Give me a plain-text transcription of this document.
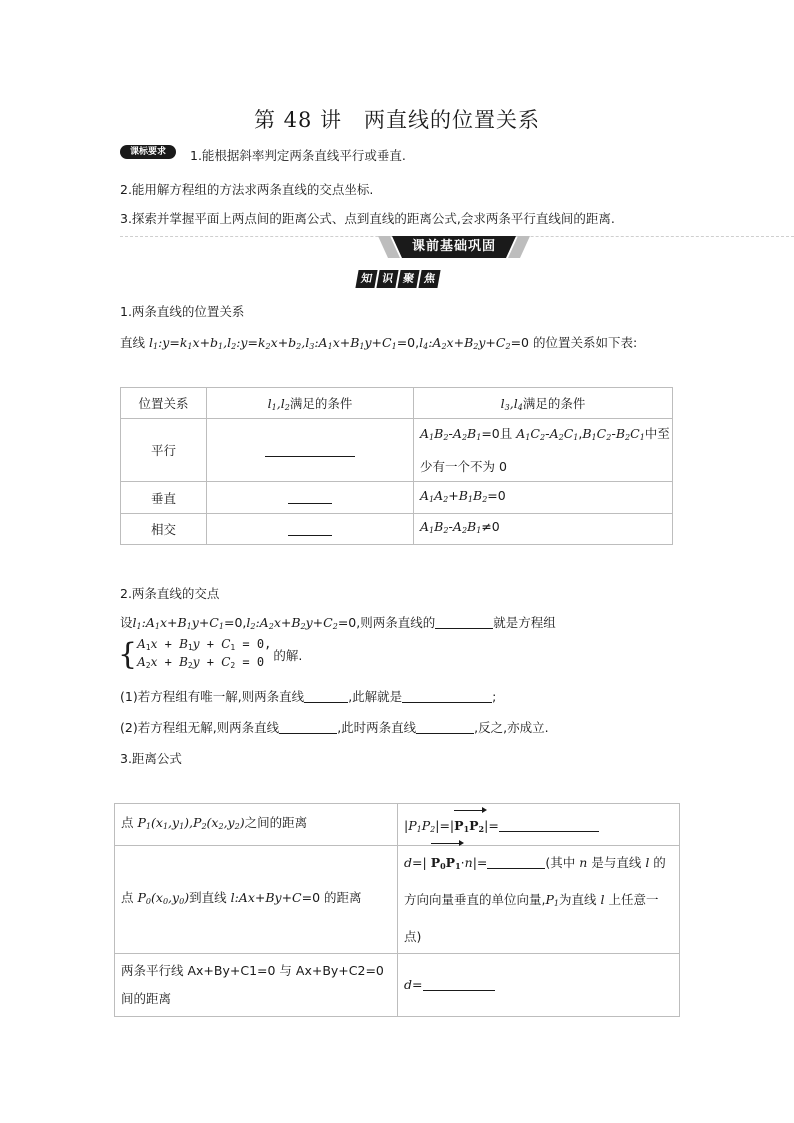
第 48 讲　两直线的位置关系
课标要求	1.能根据斜率判定两条直线平行或垂直.
2.能用解方程组的方法求两条直线的交点坐标.
3.探索并掌握平面上两点间的距离公式、点到直线的距离公式,会求两条平行直线间的距离.
课前基础巩固
知 识 聚 焦
1.两条直线的位置关系
直线 $l_1:y=k_1x+b_1,l_2:y=k_2x+b_2,l_3:A_1x+B_1y+C_1=0,l_4:A_2x+B_2y+C_2=0$ 的位置关系如下表:
位置关系	$l_1,l_2$满足的条件	$l_3,l_4$满足的条件
平行		$A_1B_2-A_2B_1=0$且 $A_1C_2-A_2C_1,B_1C_2-B_2C_1$中至少有一个不为 0
垂直		$A_1A_2+B_1B_2=0$
相交		$A_1B_2-A_2B_1\ne 0$
2.两条直线的交点
设$l_1:A_1x+B_1y+C_1=0,l_2:A_2x+B_2y+C_2=0$,则两条直线的	就是方程组
{ $A_1x + B_1y + C_1 = 0$,
$A_2x + B_2y + C_2 = 0$ 的解.
(1)若方程组有唯一解,则两条直线	,此解就是	;
(2)若方程组无解,则两条直线	,此时两条直线	,反之,亦成立.
3.距离公式
点 $P_1(x_1,y_1),P_2(x_2,y_2)$之间的距离	$|P_1P_2|=|P_1P_2|=$
点 $P_0(x_0,y_0)$到直线 l:Ax+By+C=0 的距离	d=| $P_0P_1\cdot n|=$ (其中 n 是与直线 l 的方向向量垂直的单位向量$,P_1$为直线 l 上任意一点)
两条平行线 Ax+By+C1=0 与 Ax+By+C2=0 间的距离	d=
